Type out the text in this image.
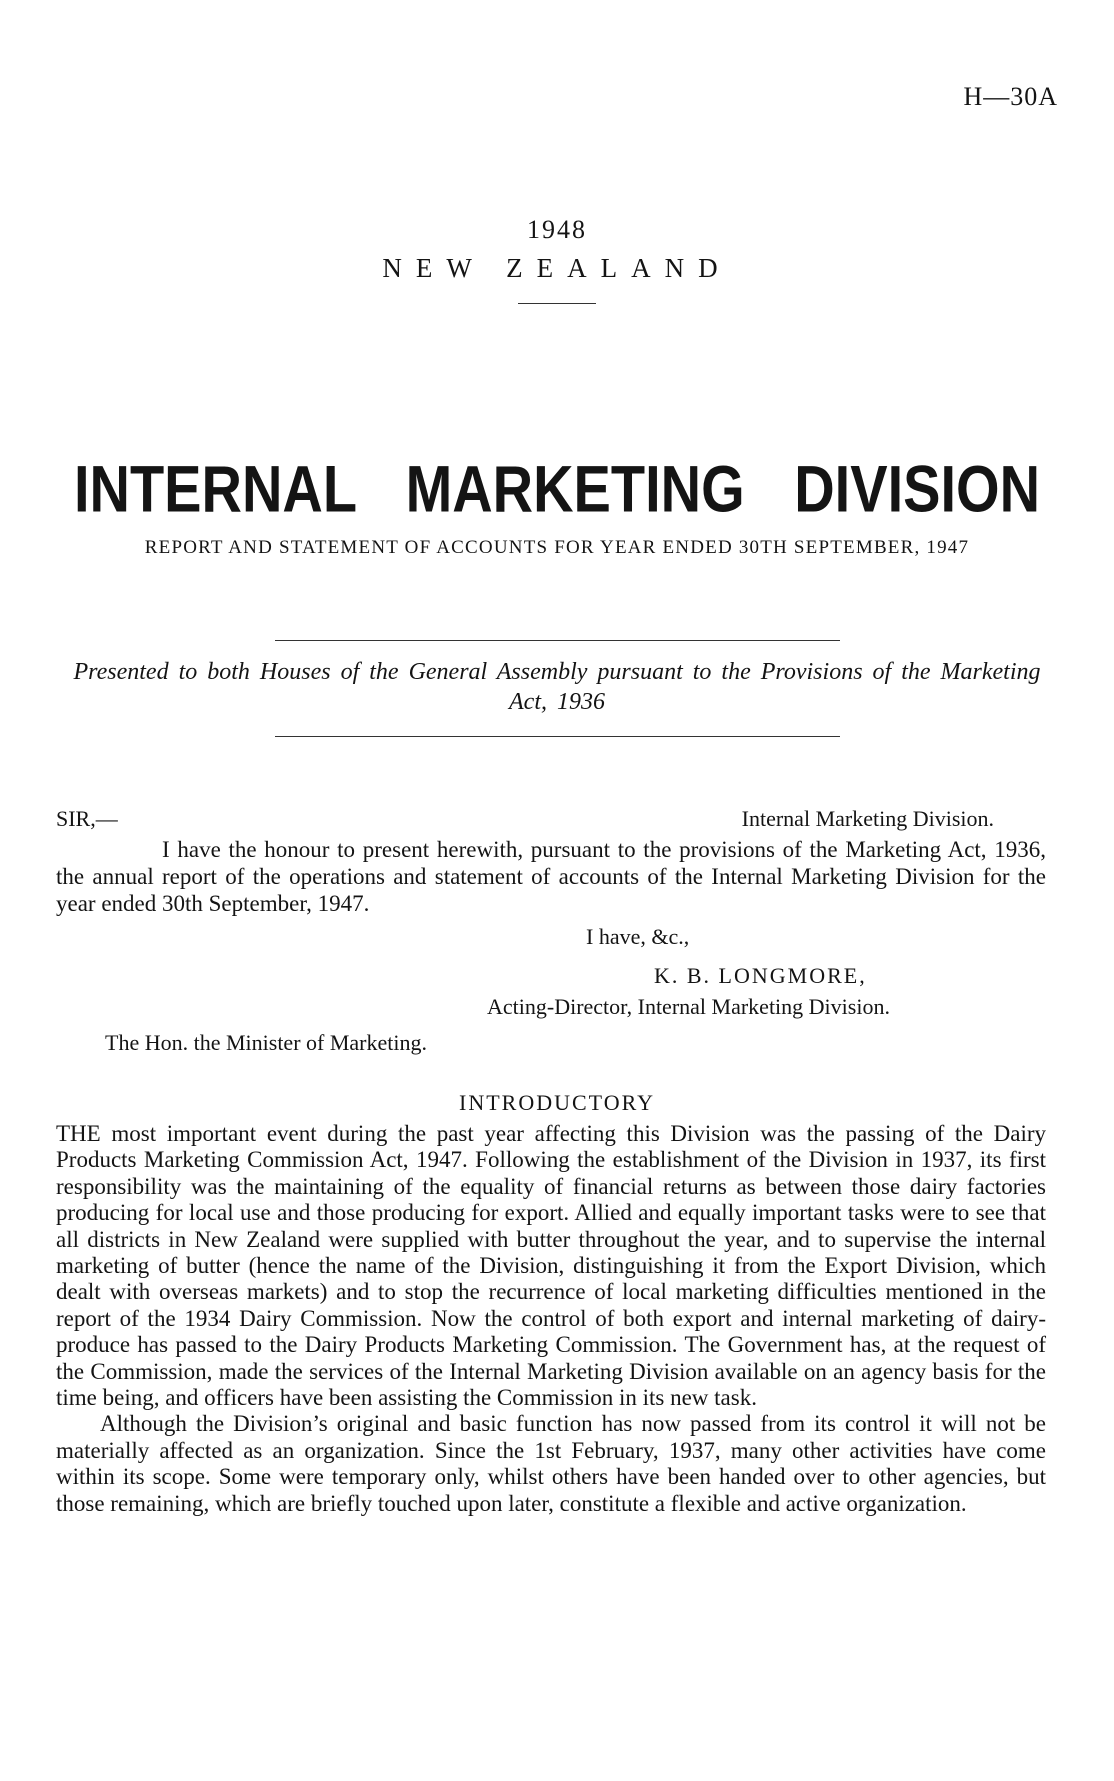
H—30A
1948
NEW ZEALAND
INTERNAL MARKETING DIVISION
REPORT AND STATEMENT OF ACCOUNTS FOR YEAR ENDED 30TH SEPTEMBER, 1947
Presented to both Houses of the General Assembly pursuant to the Provisions of the Marketing Act, 1936
SIR,—	Internal Marketing Division.
I have the honour to present herewith, pursuant to the provisions of the Marketing Act, 1936, the annual report of the operations and statement of accounts of the Internal Marketing Division for the year ended 30th September, 1947.
I have, &c.,
K. B. LONGMORE,
Acting-Director, Internal Marketing Division.
The Hon. the Minister of Marketing.
INTRODUCTORY

THE most important event during the past year affecting this Division was the passing of the Dairy Products Marketing Commission Act, 1947. Following the establishment of the Division in 1937, its first responsibility was the maintaining of the equality of financial returns as between those dairy factories producing for local use and those producing for export. Allied and equally important tasks were to see that all districts in New Zealand were supplied with butter throughout the year, and to supervise the internal marketing of butter (hence the name of the Division, distinguishing it from the Export Division, which dealt with overseas markets) and to stop the recurrence of local marketing difficulties mentioned in the report of the 1934 Dairy Commission. Now the control of both export and internal marketing of dairy-produce has passed to the Dairy Products Marketing Commission. The Government has, at the request of the Commission, made the services of the Internal Marketing Division available on an agency basis for the time being, and officers have been assisting the Commission in its new task.

Although the Division’s original and basic function has now passed from its control it will not be materially affected as an organization. Since the 1st February, 1937, many other activities have come within its scope. Some were temporary only, whilst others have been handed over to other agencies, but those remaining, which are briefly touched upon later, constitute a flexible and active organization.
